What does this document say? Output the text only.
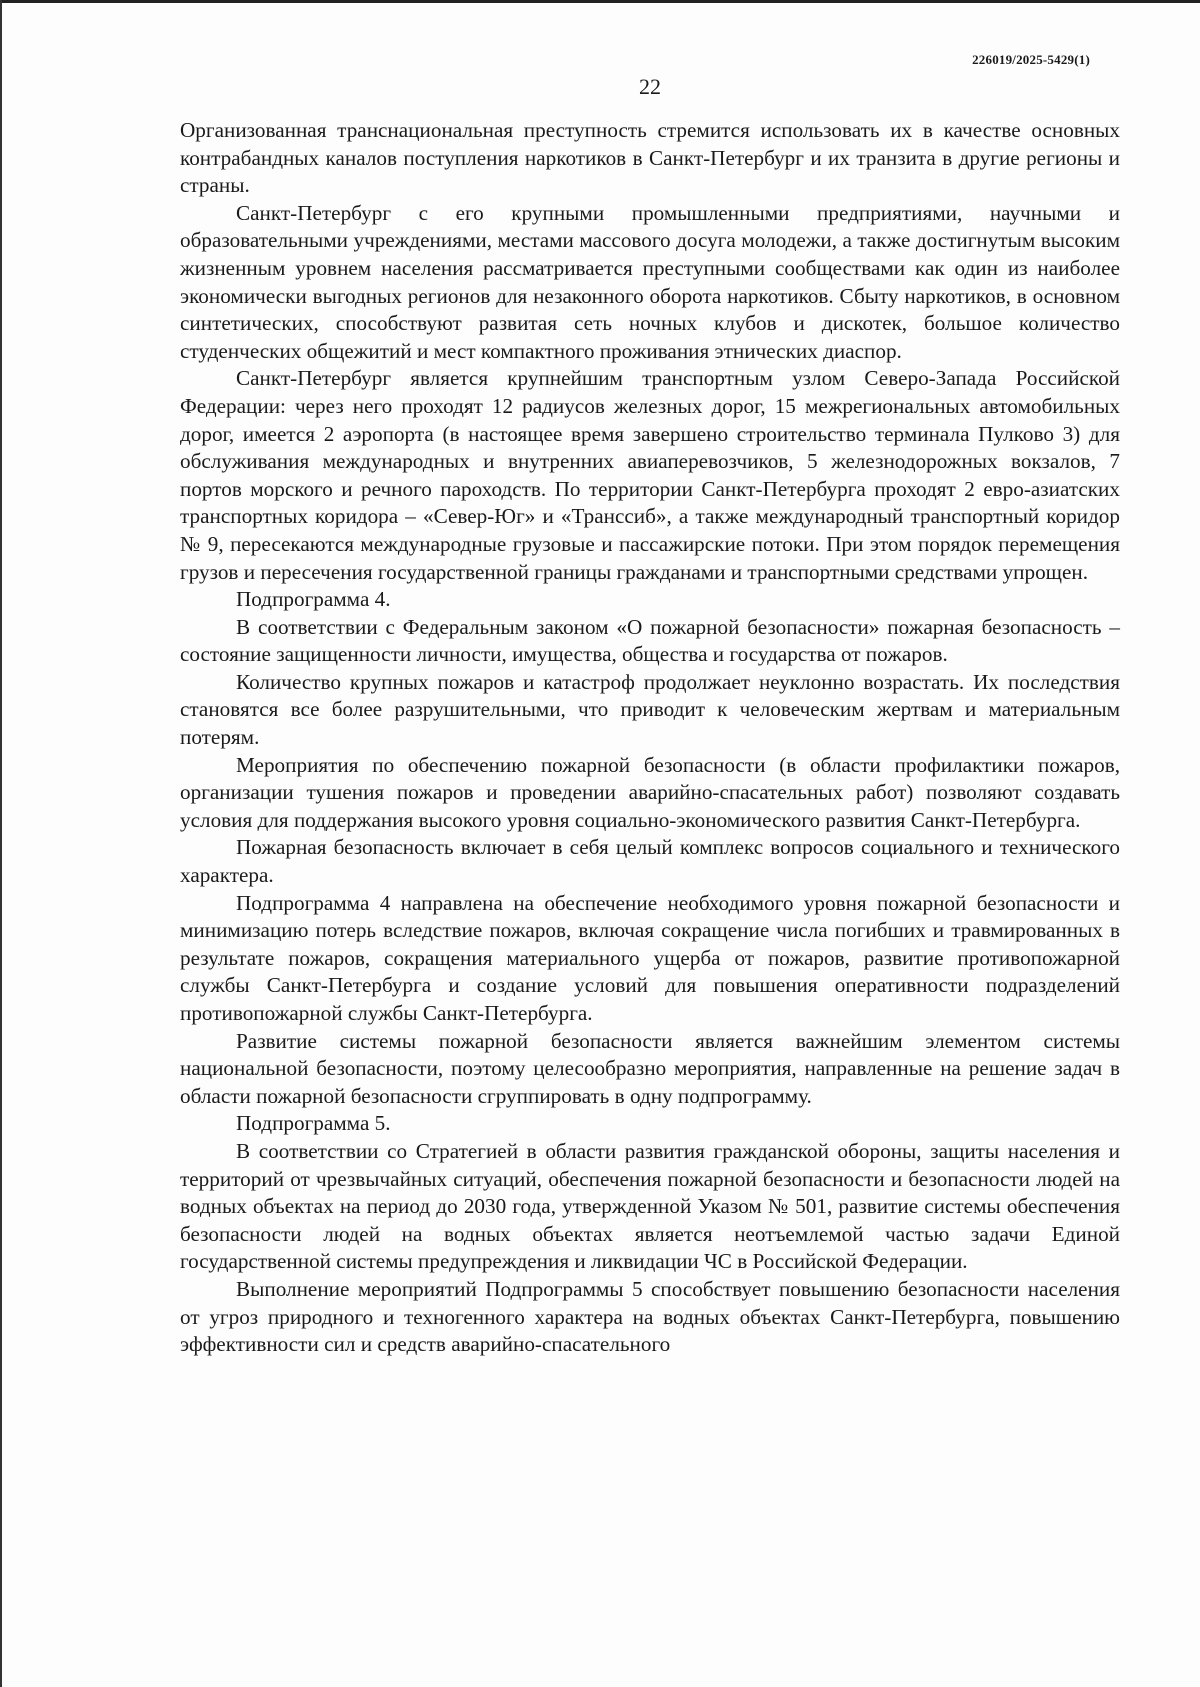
226019/2025-5429(1)
22

Организованная транснациональная преступность стремится использовать их в качестве основных контрабандных каналов поступления наркотиков в Санкт-Петербург и их транзита в другие регионы и страны.

Санкт-Петербург с его крупными промышленными предприятиями, научными и образовательными учреждениями, местами массового досуга молодежи, а также достигнутым высоким жизненным уровнем населения рассматривается преступными сообществами как один из наиболее экономически выгодных регионов для незаконного оборота наркотиков. Сбыту наркотиков, в основном синтетических, способствуют развитая сеть ночных клубов и дискотек, большое количество студенческих общежитий и мест компактного проживания этнических диаспор.

Санкт-Петербург является крупнейшим транспортным узлом Северо-Запада Российской Федерации: через него проходят 12 радиусов железных дорог, 15 межрегиональных автомобильных дорог, имеется 2 аэропорта (в настоящее время завершено строительство терминала Пулково 3) для обслуживания международных и внутренних авиаперевозчиков, 5 железнодорожных вокзалов, 7 портов морского и речного пароходств. По территории Санкт-Петербурга проходят 2 евро-азиатских транспортных коридора – «Север-Юг» и «Транссиб», а также международный транспортный коридор № 9, пересекаются международные грузовые и пассажирские потоки. При этом порядок перемещения грузов и пересечения государственной границы гражданами и транспортными средствами упрощен.

Подпрограмма 4.

В соответствии с Федеральным законом «О пожарной безопасности» пожарная безопасность – состояние защищенности личности, имущества, общества и государства от пожаров.

Количество крупных пожаров и катастроф продолжает неуклонно возрастать. Их последствия становятся все более разрушительными, что приводит к человеческим жертвам и материальным потерям.

Мероприятия по обеспечению пожарной безопасности (в области профилактики пожаров, организации тушения пожаров и проведении аварийно-спасательных работ) позволяют создавать условия для поддержания высокого уровня социально-экономического развития Санкт-Петербурга.

Пожарная безопасность включает в себя целый комплекс вопросов социального и технического характера.

Подпрограмма 4 направлена на обеспечение необходимого уровня пожарной безопасности и минимизацию потерь вследствие пожаров, включая сокращение числа погибших и травмированных в результате пожаров, сокращения материального ущерба от пожаров, развитие противопожарной службы Санкт-Петербурга и создание условий для повышения оперативности подразделений противопожарной службы Санкт-Петербурга.

Развитие системы пожарной безопасности является важнейшим элементом системы национальной безопасности, поэтому целесообразно мероприятия, направленные на решение задач в области пожарной безопасности сгруппировать в одну подпрограмму.

Подпрограмма 5.

В соответствии со Стратегией в области развития гражданской обороны, защиты населения и территорий от чрезвычайных ситуаций, обеспечения пожарной безопасности и безопасности людей на водных объектах на период до 2030 года, утвержденной Указом № 501, развитие системы обеспечения безопасности людей на водных объектах является неотъемлемой частью задачи Единой государственной системы предупреждения и ликвидации ЧС в Российской Федерации.

Выполнение мероприятий Подпрограммы 5 способствует повышению безопасности населения от угроз природного и техногенного характера на водных объектах Санкт-Петербурга, повышению эффективности сил и средств аварийно-спасательного
